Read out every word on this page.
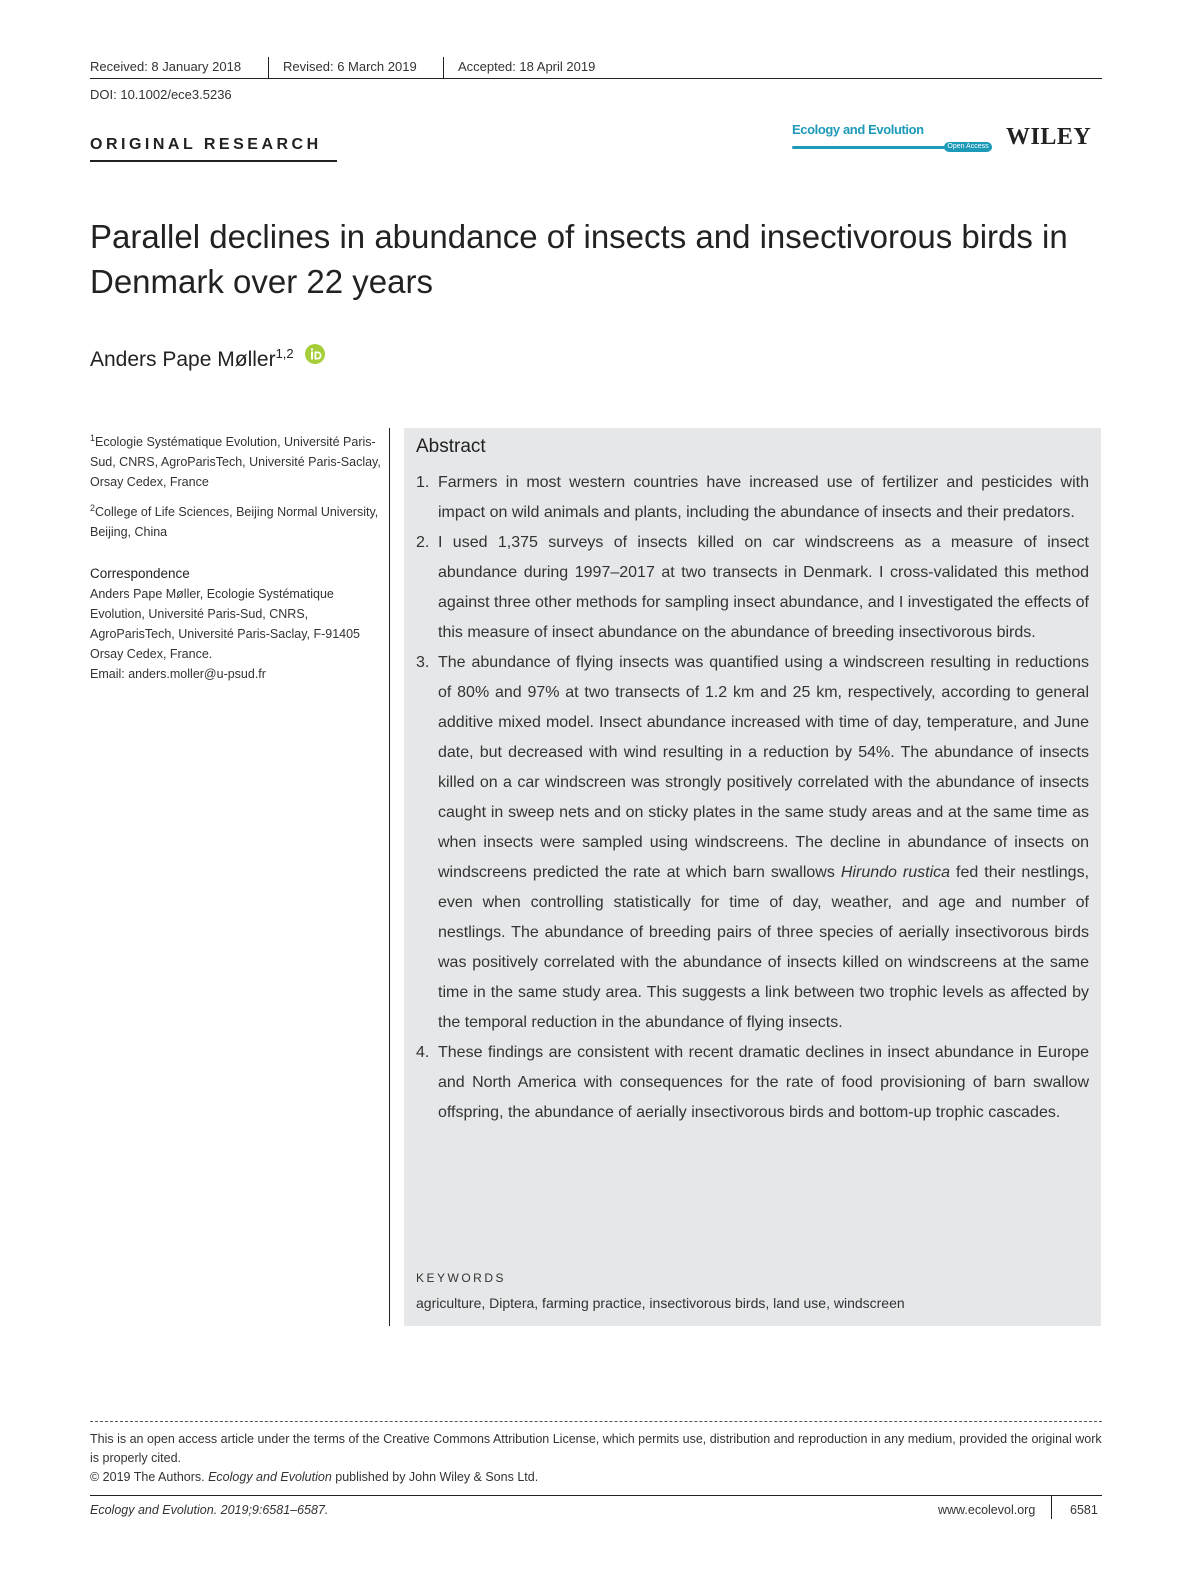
Received: 8 January 2018	Revised: 6 March 2019	Accepted: 18 April 2019
DOI: 10.1002/ece3.5236
ORIGINAL RESEARCH
Ecology and Evolution
Open Access WILEY
Parallel declines in abundance of insects and insectivorous birds in Denmark over 22 years
Anders Pape Møller$^{1,2}$
$^1$Ecologie Systématique Evolution, Université Paris-Sud, CNRS, AgroParisTech, Université Paris-Saclay, Orsay Cedex, France
$^2$College of Life Sciences, Beijing Normal University, Beijing, China
Correspondence
Anders Pape Møller, Ecologie Systématique Evolution, Université Paris-Sud, CNRS, AgroParisTech, Université Paris-Saclay, F-91405 Orsay Cedex, France.
Email: anders.moller@u-psud.fr
Abstract
1. Farmers in most western countries have increased use of fertilizer and pesticides with impact on wild animals and plants, including the abundance of insects and their predators.
2. I used 1,375 surveys of insects killed on car windscreens as a measure of insect abundance during 1997–2017 at two transects in Denmark. I cross-validated this method against three other methods for sampling insect abundance, and I investigated the effects of this measure of insect abundance on the abundance of breeding insectivorous birds.
3. The abundance of flying insects was quantified using a windscreen resulting in reductions of 80% and 97% at two transects of 1.2 km and 25 km, respectively, according to general additive mixed model. Insect abundance increased with time of day, temperature, and June date, but decreased with wind resulting in a reduction by 54%. The abundance of insects killed on a car windscreen was strongly positively correlated with the abundance of insects caught in sweep nets and on sticky plates in the same study areas and at the same time as when insects were sampled using windscreens. The decline in abundance of insects on windscreens predicted the rate at which barn swallows Hirundo rustica fed their nestlings, even when controlling statistically for time of day, weather, and age and number of nestlings. The abundance of breeding pairs of three species of aerially insectivorous birds was positively correlated with the abundance of insects killed on windscreens at the same time in the same study area. This suggests a link between two trophic levels as affected by the temporal reduction in the abundance of flying insects.
4. These findings are consistent with recent dramatic declines in insect abundance in Europe and North America with consequences for the rate of food provisioning of barn swallow offspring, the abundance of aerially insectivorous birds and bottom-up trophic cascades.
KEYWORDS
agriculture, Diptera, farming practice, insectivorous birds, land use, windscreen
This is an open access article under the terms of the Creative Commons Attribution License, which permits use, distribution and reproduction in any medium, provided the original work is properly cited.
© 2019 The Authors. Ecology and Evolution published by John Wiley & Sons Ltd.
Ecology and Evolution. 2019;9:6581–6587.	www.ecolevol.org	6581
